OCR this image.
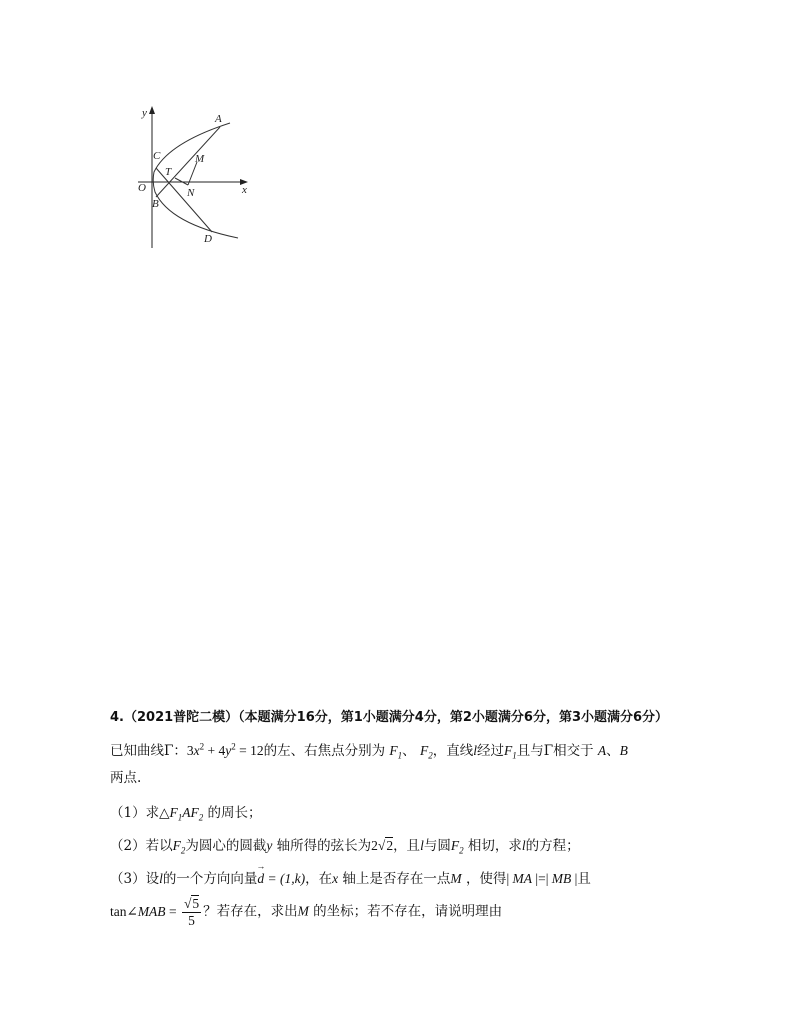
y
x
O
A
C
T
M
N
B
D
4.（2021普陀二模）（本题满分16分，第1小题满分4分，第2小题满分6分，第3小题满分6分）
已知曲线Γ：$3x^2 + 4y^2 = 12$的左、右焦点分别为 $F_1$、 $F_2$，直线l经过$F_1$且与Γ相交于 A、B
两点.
（1）求$\triangle F_1AF_2$ 的周长；
（2）若以$F_2$为圆心的圆截y 轴所得的弦长为2√2，且l与圆$F_2$ 相切，求l的方程；
（3）设l的一个方向向量→ d = (1,k)，在x 轴上是否存在一点M ，使得| MA |=| MB |且
tan∠MAB = $\frac{√5}{5}$ ？若存在，求出M 的坐标；若不存在，请说明理由
